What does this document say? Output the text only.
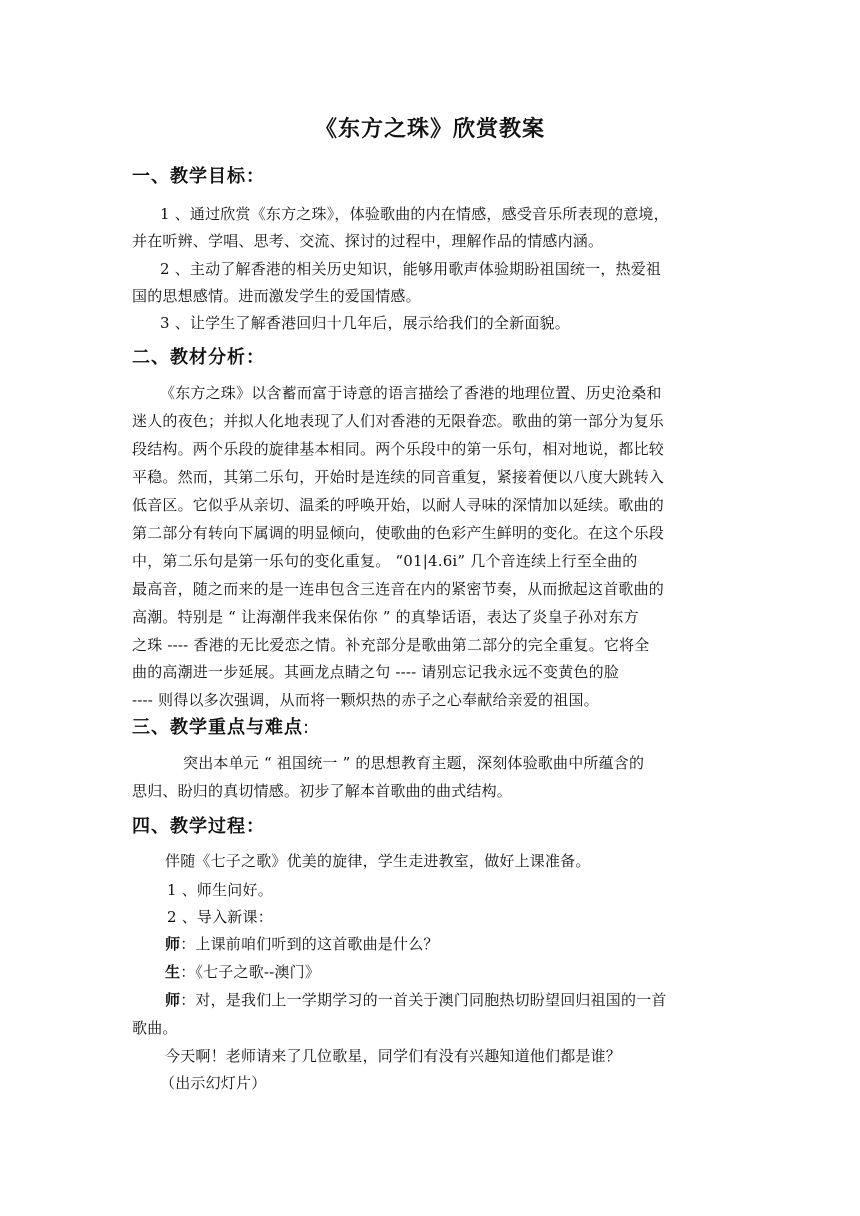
《东方之珠》欣赏教案
一、教学目标：
1 、通过欣赏《东方之珠》，体验歌曲的内在情感，感受音乐所表现的意境，
并在听辨、学唱、思考、交流、探讨的过程中，理解作品的情感内涵。
2 、主动了解香港的相关历史知识，能够用歌声体验期盼祖国统一，热爱祖
国的思想感情。进而激发学生的爱国情感。
3 、让学生了解香港回归十几年后，展示给我们的全新面貌。
二、教材分析：
《东方之珠》以含蓄而富于诗意的语言描绘了香港的地理位置、历史沧桑和
迷人的夜色；并拟人化地表现了人们对香港的无限眷恋。歌曲的第一部分为复乐
段结构。两个乐段的旋律基本相同。两个乐段中的第一乐句，相对地说，都比较
平稳。然而，其第二乐句，开始时是连续的同音重复，紧接着便以八度大跳转入
低音区。它似乎从亲切、温柔的呼唤开始，以耐人寻味的深情加以延续。歌曲的
第二部分有转向下属调的明显倾向，使歌曲的色彩产生鲜明的变化。在这个乐段
中，第二乐句是第一乐句的变化重复。 “01|4.6i” 几个音连续上行至全曲的
最高音，随之而来的是一连串包含三连音在内的紧密节奏，从而掀起这首歌曲的
高潮。特别是 “ 让海潮伴我来保佑你 ” 的真挚话语，表达了炎皇子孙对东方
之珠 ---- 香港的无比爱恋之情。补充部分是歌曲第二部分的完全重复。它将全
曲的高潮进一步延展。其画龙点睛之句 ---- 请别忘记我永远不变黄色的脸
---- 则得以多次强调，从而将一颗炽热的赤子之心奉献给亲爱的祖国。
三、教学重点与难点:
突出本单元 “ 祖国统一 ” 的思想教育主题，深刻体验歌曲中所蕴含的
思归、盼归的真切情感。初步了解本首歌曲的曲式结构。
四、教学过程：
伴随《七子之歌》优美的旋律，学生走进教室，做好上课准备。
1 、师生问好。
2 、导入新课：
师：上课前咱们听到的这首歌曲是什么？
生：《七子之歌--澳门》
师：对，是我们上一学期学习的一首关于澳门同胞热切盼望回归祖国的一首
歌曲。
今天啊！老师请来了几位歌星，同学们有没有兴趣知道他们都是谁？
（出示幻灯片）
